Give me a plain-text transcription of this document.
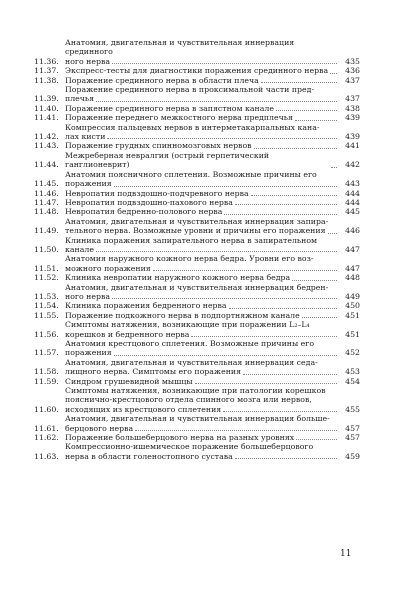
11.36.
Анатомия, двигательная и чувствительная иннервация срединного
ного нерва	435
11.37. Экспресс-тесты для диагностики поражения срединного нерва	436
11.38. Поражение срединного нерва в области плеча	437
11.39.
Поражение срединного нерва в проксимальной части пред-
плечья	437
11.40. Поражение срединного нерва в запястном канале	438
11.41. Поражение переднего межкостного нерва предплечья	439
11.42.
Компрессия пальцевых нервов в интерметакарпальных кана-
лах кисти	439
11.43. Поражение грудных спинномозговых нервов	441
11.44.
Межреберная невралгия (острый герпетический ганглионеврит)	442
11.45.
Анатомия поясничного сплетения. Возможные причины его
поражения	443
11.46. Невропатия подвздошно-подчревного нерва	444
11.47. Невропатия подвздошно-пахового нерва	444
11.48. Невропатия бедренно-полового нерва	445
11.49.
Анатомия, двигательная и чувствительная иннервация запира-
тельного нерва. Возможные уровни и причины его поражения	446
11.50.
Клиника поражения запирательного нерва в запирательном
канале	447
11.51.
Анатомия наружного кожного нерва бедра. Уровни его воз-
можного поражения	447
11.52. Клиника невропатии наружного кожного нерва бедра	448
11.53.
Анатомия, двигательная и чувствительная иннервация бедрен-
ного нерва	449
11.54. Клиника поражения бедренного нерва	450
11.55. Поражение подкожного нерва в подпортняжном канале	451
11.56.
Симптомы натяжения, возникающие при поражении L₂–L₄
корешков и бедренного нерва	451
11.57.
Анатомия крестцового сплетения. Возможные причины его
поражения	452
11.58.
Анатомия, двигательная и чувствительная иннервация седа-
лищного нерва. Симптомы его поражения	453
11.59. Синдром грушевидной мышцы	454
11.60.
Симптомы натяжения, возникающие при патологии корешков
пояснично-крестцового отдела спинного мозга или нервов,
исходящих из крестцового сплетения	455
11.61.
Анатомия, двигательная и чувствительная иннервация больше-
берцового нерва	457
11.62. Поражение большеберцового нерва на разных уровнях	457
11.63.
Компрессионно-ишемическое поражение большеберцового
нерва в области голеностопного сустава	459
11
